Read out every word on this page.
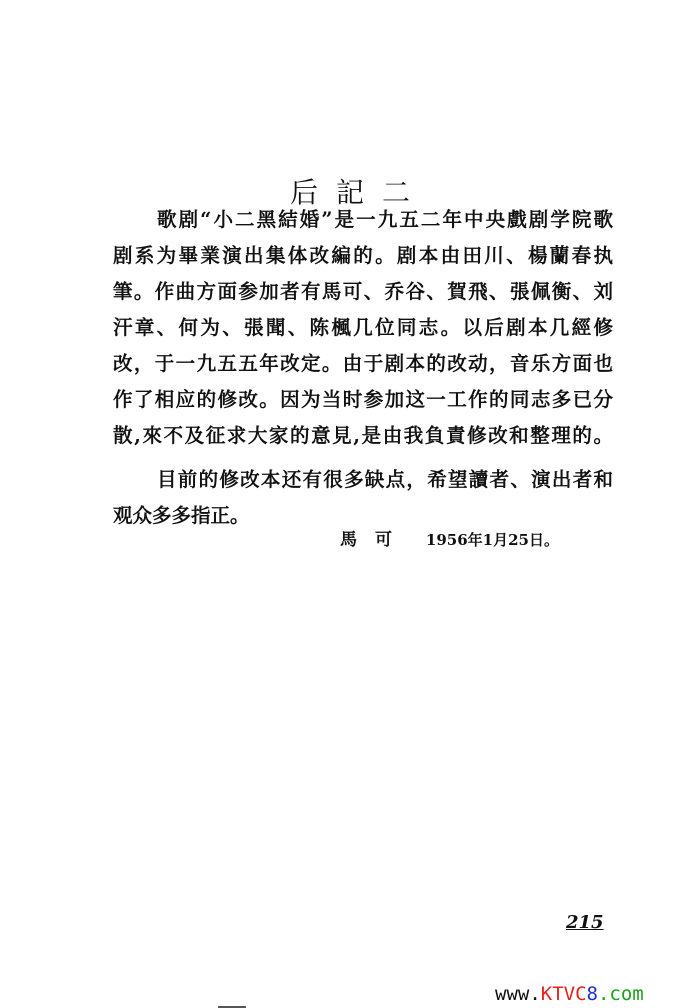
后記二
歌剧“小二黑結婚”是一九五二年中央戲剧学院歌
剧系为畢業演出集体改編的。剧本由田川、楊蘭春执
筆。作曲方面参加者有馬可、乔谷、賀飛、張佩衡、刘
汗章、何为、張聞、陈楓几位同志。以后剧本几經修
改，于一九五五年改定。由于剧本的改动，音乐方面也
作了相应的修改。因为当时参加这一工作的同志多已分
散,來不及征求大家的意見,是由我負責修改和整理的。
目前的修改本还有很多缺点，希望讀者、演出者和
观众多多指正。
馬可 1956年1月25日。
215
www.KTVC8.com
